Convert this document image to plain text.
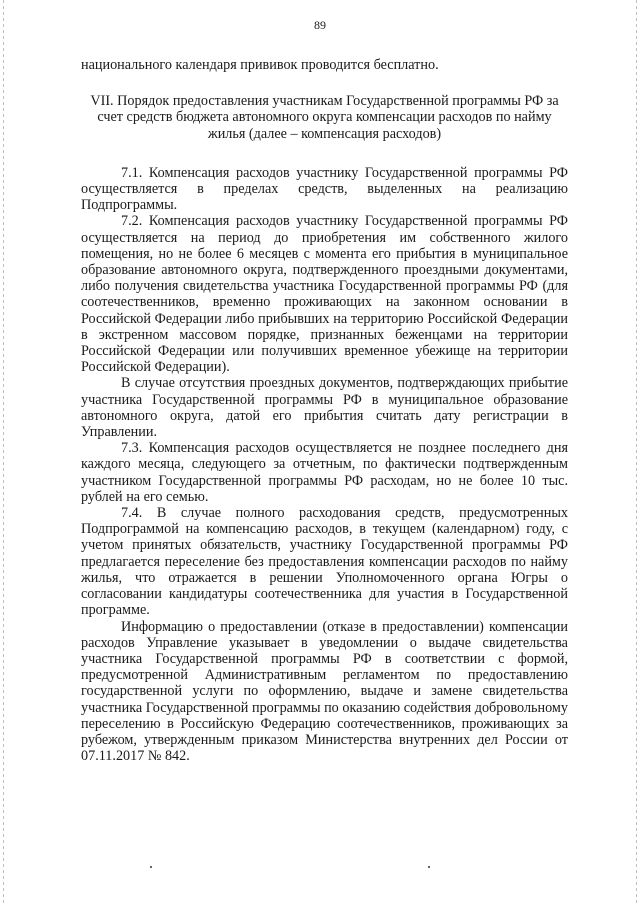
89

национального календаря прививок проводится бесплатно.

VII. Порядок предоставления участникам Государственной программы РФ за счет средств бюджета автономного округа компенсации расходов по найму жилья (далее – компенсация расходов)

7.1. Компенсация расходов участнику Государственной программы РФ осуществляется в пределах средств, выделенных на реализацию Подпрограммы.

7.2. Компенсация расходов участнику Государственной программы РФ осуществляется на период до приобретения им собственного жилого помещения, но не более 6 месяцев с момента его прибытия в муниципальное образование автономного округа, подтвержденного проездными документами, либо получения свидетельства участника Государственной программы РФ (для соотечественников, временно проживающих на законном основании в Российской Федерации либо прибывших на территорию Российской Федерации в экстренном массовом порядке, признанных беженцами на территории Российской Федерации или получивших временное убежище на территории Российской Федерации).

В случае отсутствия проездных документов, подтверждающих прибытие участника Государственной программы РФ в муниципальное образование автономного округа, датой его прибытия считать дату регистрации в Управлении.

7.3. Компенсация расходов осуществляется не позднее последнего дня каждого месяца, следующего за отчетным, по фактически подтвержденным участником Государственной программы РФ расходам, но не более 10 тыс. рублей на его семью.

7.4. В случае полного расходования средств, предусмотренных Подпрограммой на компенсацию расходов, в текущем (календарном) году, с учетом принятых обязательств, участнику Государственной программы РФ предлагается переселение без предоставления компенсации расходов по найму жилья, что отражается в решении Уполномоченного органа Югры о согласовании кандидатуры соотечественника для участия в Государственной программе.

Информацию о предоставлении (отказе в предоставлении) компенсации расходов Управление указывает в уведомлении о выдаче свидетельства участника Государственной программы РФ в соответствии с формой, предусмотренной Административным регламентом по предоставлению государственной услуги по оформлению, выдаче и замене свидетельства участника Государственной программы по оказанию содействия добровольному переселению в Российскую Федерацию соотечественников, проживающих за рубежом, утвержденным приказом Министерства внутренних дел России от 07.11.2017 № 842.
